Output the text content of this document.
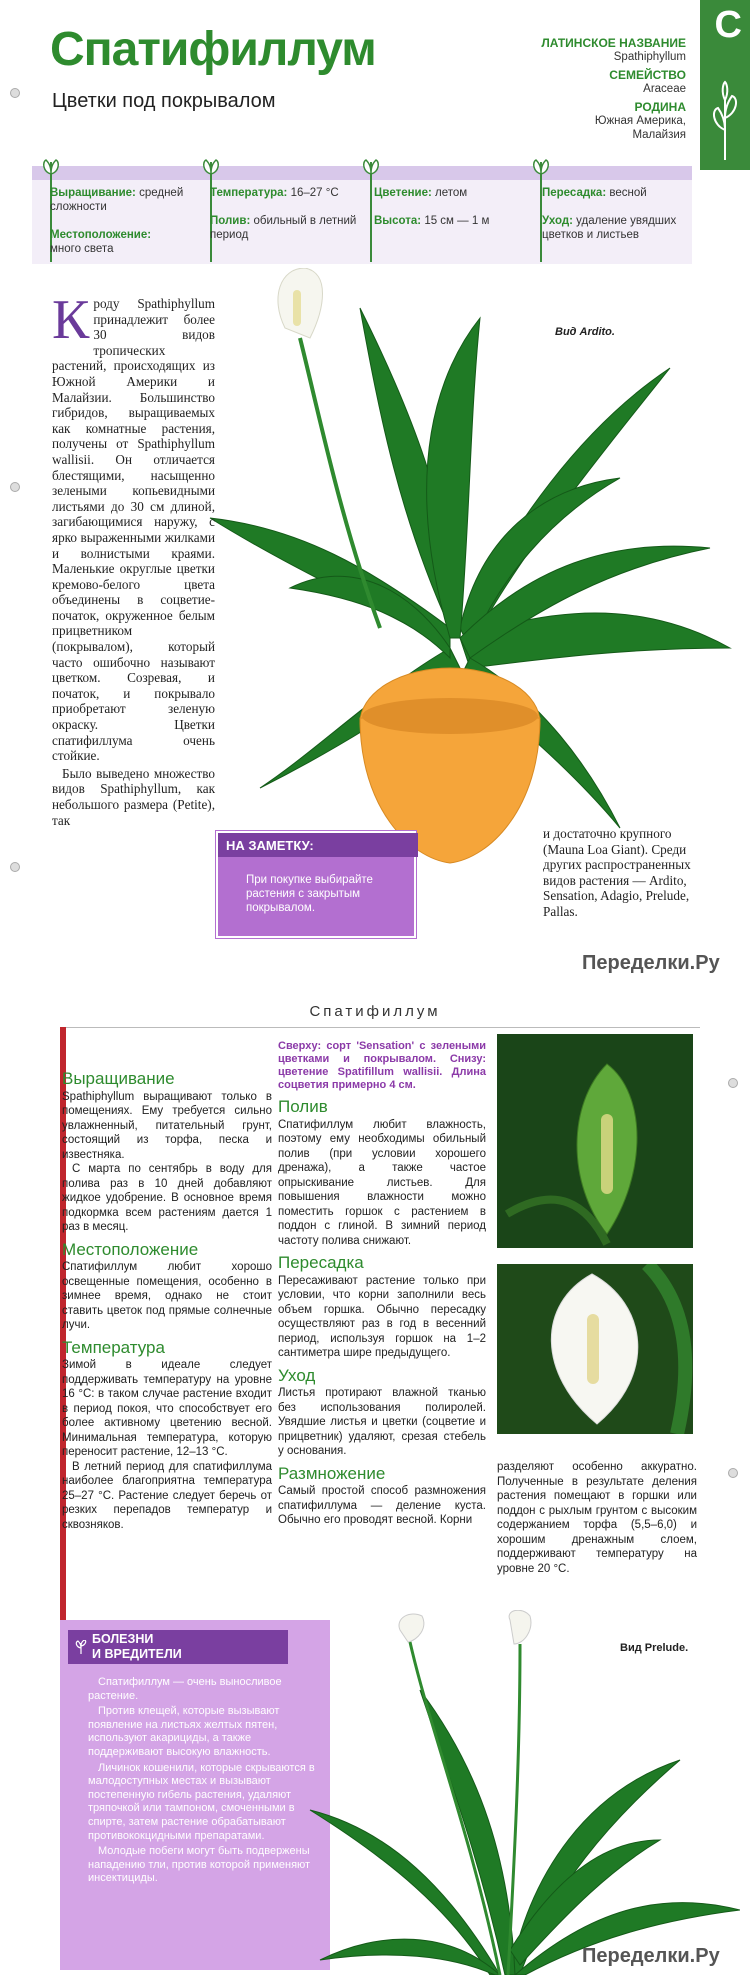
Спатифиллум
Цветки под покрывалом
ЛАТИНСКОЕ НАЗВАНИЕ
Spathiphyllum
СЕМЕЙСТВО
Araceae
РОДИНА
Южная Америка,
Малайзия
С
Выращивание: средней сложности
Местоположение:
много света
Температура: 16–27 °C
Полив: обильный в летний период
Цветение: летом
Высота: 15 см — 1 м
Пересадка: весной
Уход: удаление увядших цветков и листьев
К роду Spathiphyllum принадлежит более 30 видов тропических растений, происходящих из Южной Америки и Малайзии. Большинство гибридов, выращиваемых как комнатные растения, получены от Spathiphyllum wallisii. Он отличается блестящими, насыщенно зелеными копьевидными листьями до 30 см длиной, загибающимися наружу, с ярко выраженными жилками и волнистыми краями. Маленькие округлые цветки кремово-белого цвета объединены в соцветие-початок, окруженное белым прицветником (покрывалом), который часто ошибочно называют цветком. Созревая, и початок, и покрывало приобретают зеленую окраску. Цветки спатифиллума очень стойкие.

Было выведено множество видов Spathiphyllum, как небольшого размера (Petite), так

Вид Ardito.
НА ЗАМЕТКУ:
При покупке выбирайте растения с закрытым покрывалом.
и достаточно крупного (Mauna Loa Giant). Среди других распространенных видов растения — Ardito, Sensation, Adagio, Prelude, Pallas.
Переделки.Ру
Спатифиллум
Выращивание

Spathiphyllum выращивают только в помещениях. Ему требуется сильно увлажненный, питательный грунт, состоящий из торфа, песка и известняка.

С марта по сентябрь в воду для полива раз в 10 дней добавляют жидкое удобрение. В основное время подкормка всем растениям дается 1 раз в месяц.

Местоположение

Спатифиллум любит хорошо освещенные помещения, особенно в зимнее время, однако не стоит ставить цветок под прямые солнечные лучи.

Температура

Зимой в идеале следует поддерживать температуру на уровне 16 °C: в таком случае растение входит в период покоя, что способствует его более активному цветению весной. Минимальная температура, которую переносит растение, 12–13 °C.

В летний период для спатифиллума наиболее благоприятна температура 25–27 °C. Растение следует беречь от резких перепадов температур и сквозняков.

Сверху: сорт 'Sensation' с зелеными цветками и покрывалом. Снизу: цветение Spatifillum wallisii. Длина соцветия примерно 4 см.
Полив

Спатифиллум любит влажность, поэтому ему необходимы обильный полив (при условии хорошего дренажа), а также частое опрыскивание листьев. Для повышения влажности можно поместить горшок с растением в поддон с глиной. В зимний период частоту полива снижают.

Пересадка

Пересаживают растение только при условии, что корни заполнили весь объем горшка. Обычно пересадку осуществляют раз в год в весенний период, используя горшок на 1–2 сантиметра шире предыдущего.

Уход

Листья протирают влажной тканью без использования полиролей. Увядшие листья и цветки (соцветие и прицветник) удаляют, срезая стебель у основания.

Размножение

Самый простой способ размножения спатифиллума — деление куста. Обычно его проводят весной. Корни

разделяют особенно аккуратно. Полученные в результате деления растения помещают в горшки или поддон с рыхлым грунтом с высоким содержанием торфа (5,5–6,0) и хорошим дренажным слоем, поддерживают температуру на уровне 20 °C.
БОЛЕЗНИ
И ВРЕДИТЕЛИ

Спатифиллум — очень выносливое растение.

Против клещей, которые вызывают появление на листьях желтых пятен, используют акарициды, а также поддерживают высокую влажность.

Личинок кошенили, которые скрываются в малодоступных местах и вызывают постепенную гибель растения, удаляют тряпочкой или тампоном, смоченными в спирте, затем растение обрабатывают противококцидными препаратами.

Молодые побеги могут быть подвержены нападению тли, против которой применяют инсектициды.

Вид Prelude.
Переделки.Ру
